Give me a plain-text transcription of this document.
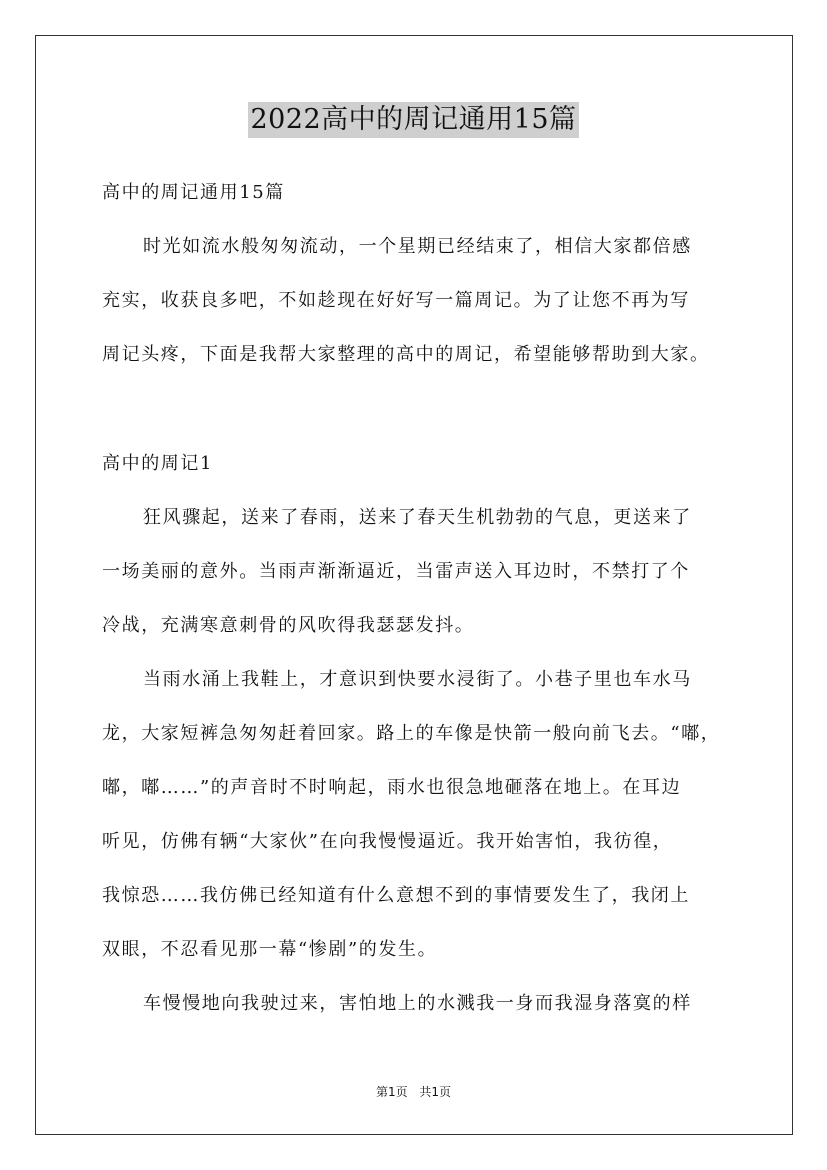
2022高中的周记通用15篇
高中的周记通用15篇
时光如流水般匆匆流动，一个星期已经结束了，相信大家都倍感
充实，收获良多吧，不如趁现在好好写一篇周记。为了让您不再为写
周记头疼，下面是我帮大家整理的高中的周记，希望能够帮助到大家。
高中的周记1
狂风骤起，送来了春雨，送来了春天生机勃勃的气息，更送来了
一场美丽的意外。当雨声渐渐逼近，当雷声送入耳边时，不禁打了个
冷战，充满寒意刺骨的风吹得我瑟瑟发抖。
当雨水涌上我鞋上，才意识到快要水浸街了。小巷子里也车水马
龙，大家短裤急匆匆赶着回家。路上的车像是快箭一般向前飞去。“嘟，
嘟，嘟……”的声音时不时响起，雨水也很急地砸落在地上。在耳边
听见，仿佛有辆“大家伙”在向我慢慢逼近。我开始害怕，我彷徨，
我惊恐……我仿佛已经知道有什么意想不到的事情要发生了，我闭上
双眼，不忍看见那一幕“惨剧”的发生。
车慢慢地向我驶过来，害怕地上的水溅我一身而我湿身落寞的样
第1页 共1页
